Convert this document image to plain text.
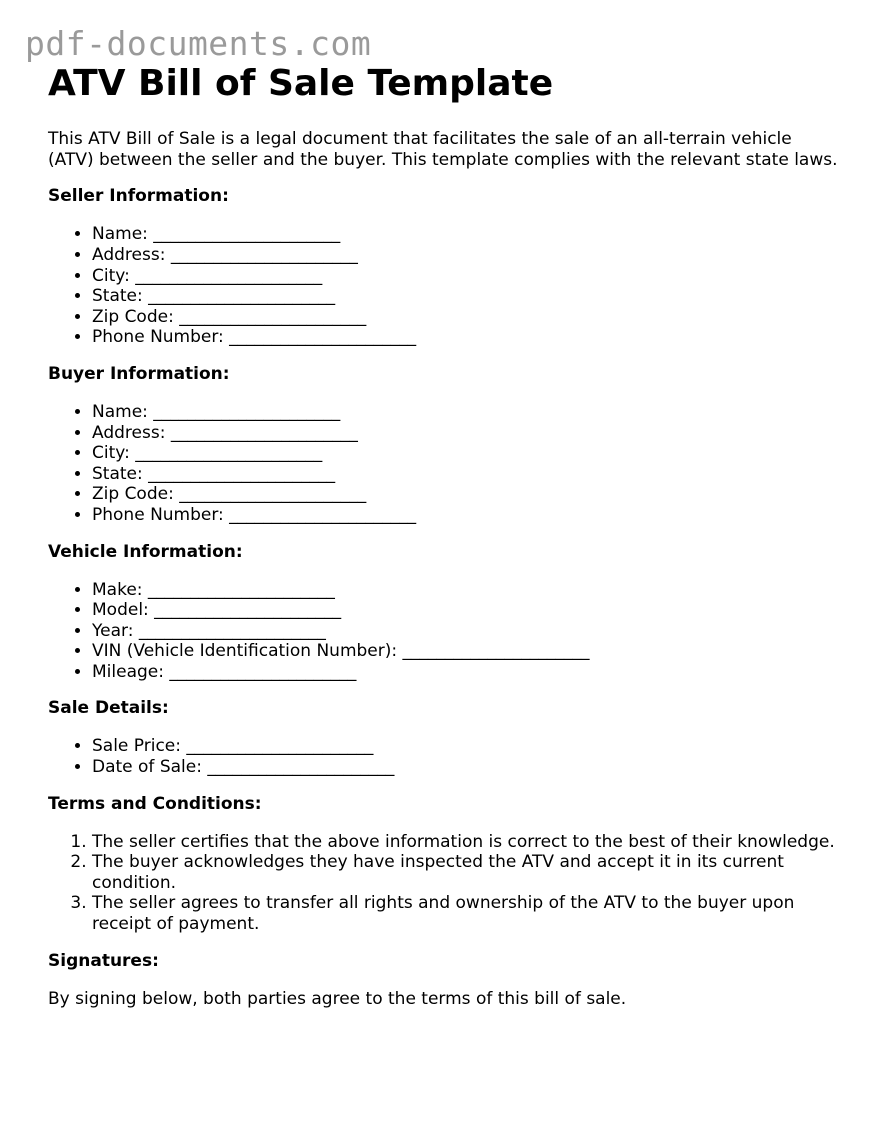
pdf-documents.com
ATV Bill of Sale Template

This ATV Bill of Sale is a legal document that facilitates the sale of an all-terrain vehicle (ATV) between the seller and the buyer. This template complies with the relevant state laws.

Seller Information:
• Name: ______________________
• Address: ______________________
• City: ______________________
• State: ______________________
• Zip Code: ______________________
• Phone Number: ______________________
Buyer Information:
• Name: ______________________
• Address: ______________________
• City: ______________________
• State: ______________________
• Zip Code: ______________________
• Phone Number: ______________________
Vehicle Information:
• Make: ______________________
• Model: ______________________
• Year: ______________________
• VIN (Vehicle Identification Number): ______________________
• Mileage: ______________________
Sale Details:
• Sale Price: ______________________
• Date of Sale: ______________________
Terms and Conditions:
1. The seller certifies that the above information is correct to the best of their knowledge.
2. The buyer acknowledges they have inspected the ATV and accept it in its current condition.
3. The seller agrees to transfer all rights and ownership of the ATV to the buyer upon receipt of payment.
Signatures:

By signing below, both parties agree to the terms of this bill of sale.
